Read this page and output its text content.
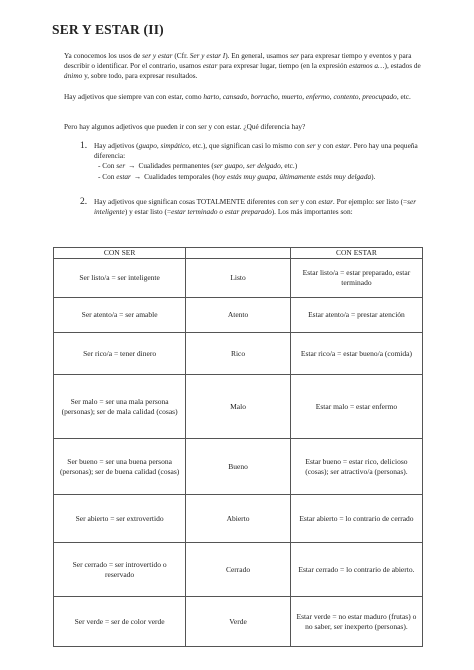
SER Y ESTAR (II)
Ya conocemos los usos de ser y estar (Cfr. Ser y estar I). En general, usamos ser para expresar tiempo y eventos y para describir o identificar. Por el contrario, usamos estar para expresar lugar, tiempo (en la expresión estamos a…), estados de ánimo y, sobre todo, para expresar resultados.
Hay adjetivos que siempre van con estar, como harto, cansado, borracho, muerto, enfermo, contento, preocupado, etc.
Pero hay algunos adjetivos que pueden ir con ser y con estar. ¿Qué diferencia hay?
1. Hay adjetivos (guapo, simpático, etc.), que significan casi lo mismo con ser y con estar. Pero hay una pequeña diferencia:
- Con ser → Cualidades permanentes (ser guapo, ser delgado, etc.)
- Con estar → Cualidades temporales (hoy estás muy guapa, últimamente estás muy delgada).
2. Hay adjetivos que significan cosas TOTALMENTE diferentes con ser y con estar. Por ejemplo: ser listo (=ser inteligente) y estar listo (=estar terminado o estar preparado). Los más importantes son:
CON SER		CON ESTAR
Ser listo/a = ser inteligente	Listo	Estar listo/a = estar preparado, estar terminado
Ser atento/a = ser amable	Atento	Estar atento/a = prestar atención
Ser rico/a = tener dinero	Rico	Estar rico/a = estar bueno/a (comida)
Ser malo = ser una mala persona (personas); ser de mala calidad (cosas)	Malo	Estar malo = estar enfermo
Ser bueno = ser una buena persona (personas); ser de buena calidad (cosas)	Bueno	Estar bueno = estar rico, delicioso (cosas); ser atractivo/a (personas).
Ser abierto = ser extrovertido	Abierto	Estar abierto = lo contrario de cerrado
Ser cerrado = ser introvertido o reservado	Cerrado	Estar cerrado = lo contrario de abierto.
Ser verde = ser de color verde	Verde	Estar verde = no estar maduro (frutas) o no saber, ser inexperto (personas).
